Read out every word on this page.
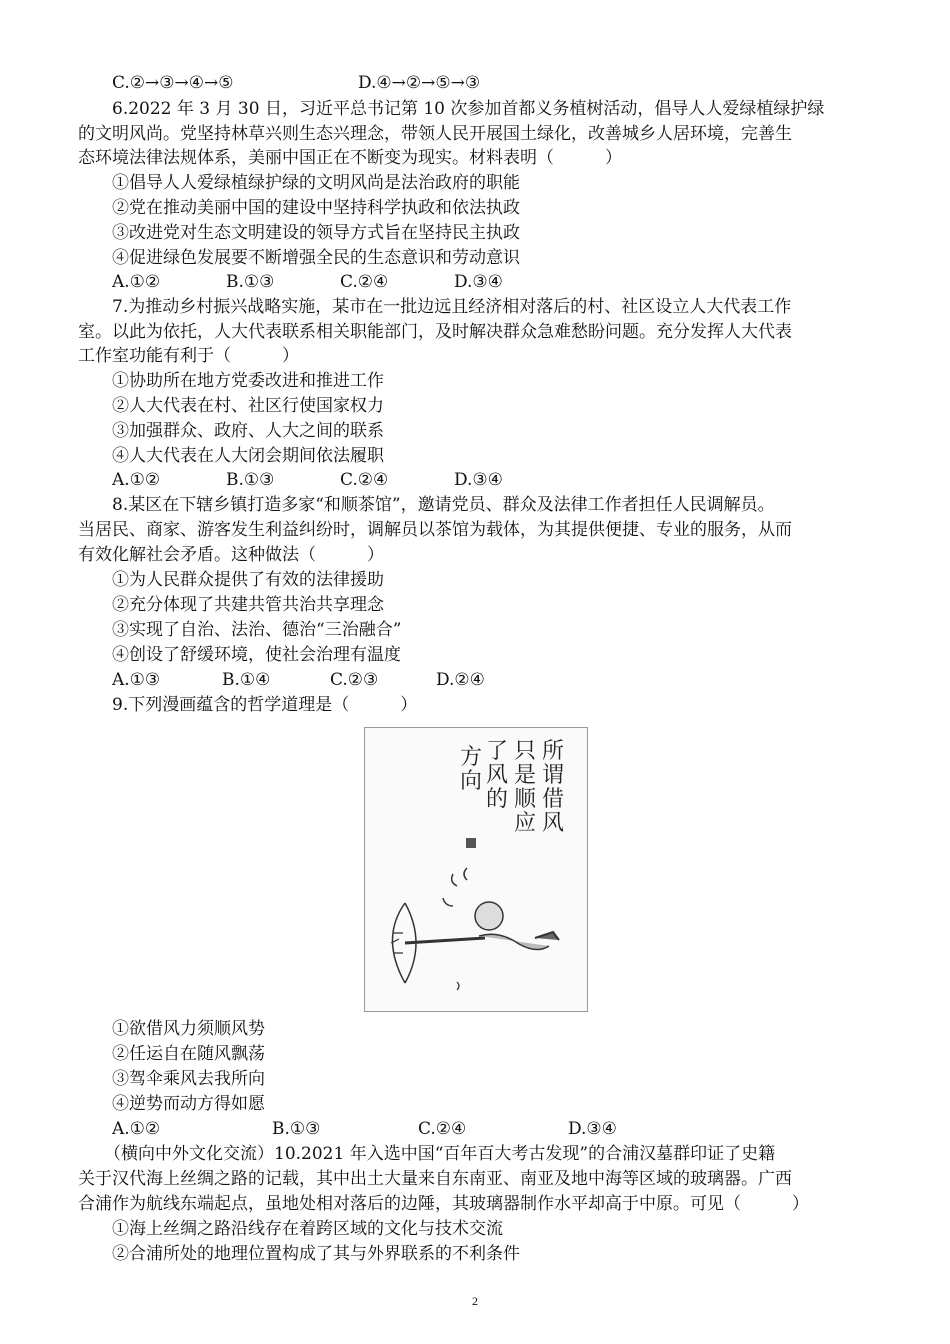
C.②→③→④→⑤	D.④→②→⑤→③
6.2022 年 3 月 30 日，习近平总书记第 10 次参加首都义务植树活动，倡导人人爱绿植绿护绿
的文明风尚。党坚持林草兴则生态兴理念，带领人民开展国土绿化，改善城乡人居环境，完善生
态环境法律法规体系，美丽中国正在不断变为现实。材料表明（　　　）
①倡导人人爱绿植绿护绿的文明风尚是法治政府的职能
②党在推动美丽中国的建设中坚持科学执政和依法执政
③改进党对生态文明建设的领导方式旨在坚持民主执政
④促进绿色发展要不断增强全民的生态意识和劳动意识
A.①②	B.①③	C.②④	D.③④
7.为推动乡村振兴战略实施，某市在一批边远且经济相对落后的村、社区设立人大代表工作
室。以此为依托，人大代表联系相关职能部门，及时解决群众急难愁盼问题。充分发挥人大代表
工作室功能有利于（　　　）
①协助所在地方党委改进和推进工作
②人大代表在村、社区行使国家权力
③加强群众、政府、人大之间的联系
④人大代表在人大闭会期间依法履职
A.①②	B.①③	C.②④	D.③④
8.某区在下辖乡镇打造多家“和顺茶馆”，邀请党员、群众及法律工作者担任人民调解员。
当居民、商家、游客发生利益纠纷时，调解员以茶馆为载体，为其提供便捷、专业的服务，从而
有效化解社会矛盾。这种做法（　　　）
①为人民群众提供了有效的法律援助
②充分体现了共建共管共治共享理念
③实现了自治、法治、德治“三治融合”
④创设了舒缓环境，使社会治理有温度
A.①③	B.①④	C.②③	D.②④
9.下列漫画蕴含的哲学道理是（　　　）
所谓借风
只是顺应
了风的
方向
①欲借风力须顺风势
②任运自在随风飘荡
③驾伞乘风去我所向
④逆势而动方得如愿
A.①②	B.①③	C.②④	D.③④
（横向中外文化交流）10.2021 年入选中国“百年百大考古发现”的合浦汉墓群印证了史籍
关于汉代海上丝绸之路的记载，其中出土大量来自东南亚、南亚及地中海等区域的玻璃器。广西
合浦作为航线东端起点，虽地处相对落后的边陲，其玻璃器制作水平却高于中原。可见（　　　）
①海上丝绸之路沿线存在着跨区域的文化与技术交流
②合浦所处的地理位置构成了其与外界联系的不利条件
2
